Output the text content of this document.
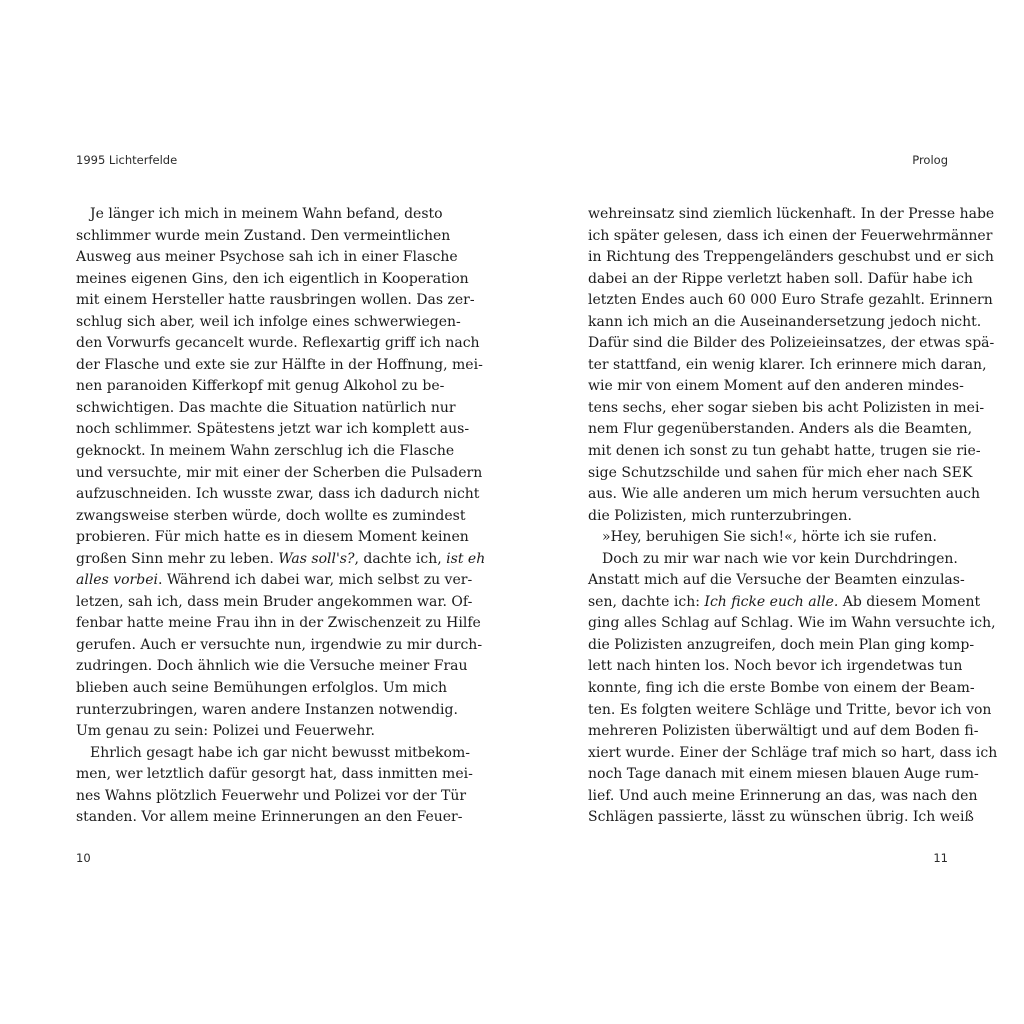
1995 Lichterfelde
Je länger ich mich in meinem Wahn befand, desto
schlimmer wurde mein Zustand. Den vermeintlichen
Ausweg aus meiner Psychose sah ich in einer Flasche
meines eigenen Gins, den ich eigentlich in Kooperation
mit einem Hersteller hatte rausbringen wollen. Das zer-
schlug sich aber, weil ich infolge eines schwerwiegen-
den Vorwurfs gecancelt wurde. Reflexartig griff ich nach
der Flasche und exte sie zur Hälfte in der Hoffnung, mei-
nen paranoiden Kifferkopf mit genug Alkohol zu be-
schwichtigen. Das machte die Situation natürlich nur
noch schlimmer. Spätestens jetzt war ich komplett aus-
geknockt. In meinem Wahn zerschlug ich die Flasche
und versuchte, mir mit einer der Scherben die Pulsadern
aufzuschneiden. Ich wusste zwar, dass ich dadurch nicht
zwangsweise sterben würde, doch wollte es zumindest
probieren. Für mich hatte es in diesem Moment keinen
großen Sinn mehr zu leben. Was soll's?, dachte ich, ist eh
alles vorbei. Während ich dabei war, mich selbst zu ver-
letzen, sah ich, dass mein Bruder angekommen war. Of-
fenbar hatte meine Frau ihn in der Zwischenzeit zu Hilfe
gerufen. Auch er versuchte nun, irgendwie zu mir durch-
zudringen. Doch ähnlich wie die Versuche meiner Frau
blieben auch seine Bemühungen erfolglos. Um mich
runterzubringen, waren andere Instanzen notwendig.
Um genau zu sein: Polizei und Feuerwehr.
Ehrlich gesagt habe ich gar nicht bewusst mitbekom-
men, wer letztlich dafür gesorgt hat, dass inmitten mei-
nes Wahns plötzlich Feuerwehr und Polizei vor der Tür
standen. Vor allem meine Erinnerungen an den Feuer-
10
Prolog
wehreinsatz sind ziemlich lückenhaft. In der Presse habe
ich später gelesen, dass ich einen der Feuerwehrmänner
in Richtung des Treppengeländers geschubst und er sich
dabei an der Rippe verletzt haben soll. Dafür habe ich
letzten Endes auch 60 000 Euro Strafe gezahlt. Erinnern
kann ich mich an die Auseinandersetzung jedoch nicht.
Dafür sind die Bilder des Polizeieinsatzes, der etwas spä-
ter stattfand, ein wenig klarer. Ich erinnere mich daran,
wie mir von einem Moment auf den anderen mindes-
tens sechs, eher sogar sieben bis acht Polizisten in mei-
nem Flur gegenüberstanden. Anders als die Beamten,
mit denen ich sonst zu tun gehabt hatte, trugen sie rie-
sige Schutzschilde und sahen für mich eher nach SEK
aus. Wie alle anderen um mich herum versuchten auch
die Polizisten, mich runterzubringen.
»Hey, beruhigen Sie sich!«, hörte ich sie rufen.
Doch zu mir war nach wie vor kein Durchdringen.
Anstatt mich auf die Versuche der Beamten einzulas-
sen, dachte ich: Ich ficke euch alle. Ab diesem Moment
ging alles Schlag auf Schlag. Wie im Wahn versuchte ich,
die Polizisten anzugreifen, doch mein Plan ging komp-
lett nach hinten los. Noch bevor ich irgendetwas tun
konnte, fing ich die erste Bombe von einem der Beam-
ten. Es folgten weitere Schläge und Tritte, bevor ich von
mehreren Polizisten überwältigt und auf dem Boden fi-
xiert wurde. Einer der Schläge traf mich so hart, dass ich
noch Tage danach mit einem miesen blauen Auge rum-
lief. Und auch meine Erinnerung an das, was nach den
Schlägen passierte, lässt zu wünschen übrig. Ich weiß
11
